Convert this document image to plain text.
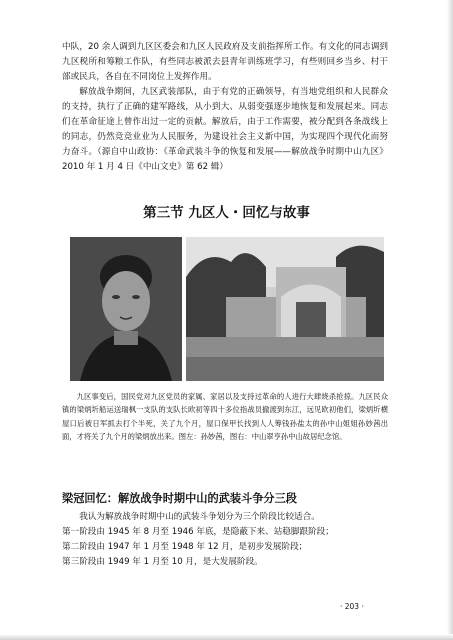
中队，20 余人调到九区区委会和九区人民政府及支前指挥所工作。有文化的同志调到九区税所和筹粮工作队，有些同志被派去县青年训练班学习，有些则回乡当乡、村干部或民兵，各自在不同岗位上发挥作用。

解放战争期间，九区武装部队，由于有党的正确领导，有当地党组织和人民群众的支持，执行了正确的建军路线，从小到大、从弱变强逐步地恢复和发展起来。同志们在革命征途上曾作出过一定的贡献。解放后，由于工作需要，被分配到各条战线上的同志，仍然竞竞业业为人民服务，为建设社会主义新中国，为实现四个现代化而努力奋斗。（源自中山政协：《革命武装斗争的恢复和发展——解放战争时期中山九区》2010 年 1 月 4 日《中山文史》第 62 辑）

第三节 九区人・回忆与故事

九区事变后，国民党对九区党员的家属、家居以及支持过革命的人进行大肆烧杀抢掠。九区民众镇的梁炳圻船运送瑞枫一支队的支队长欧初等四十多位指战员撤渡到东江，远见欧初他们，梁炳圻横屋口后被日军抓去打个半死，关了九个月，屋口保甲长找到人人筹钱孙盐太的孙中山姐姐孙妙茜出面，才将关了九个月的梁炳放出来。图左：孙妙茜，图右：中山翠亨孙中山故居纪念馆。

梁冠回忆：解放战争时期中山的武装斗争分三段

我认为解放战争时期中山的武装斗争划分为三个阶段比较适合。

第一阶段由 1945 年 8 月至 1946 年底，是隐蔽下来、站稳脚跟阶段；

第二阶段由 1947 年 1 月至 1948 年 12 月，是初步发展阶段；

第三阶段由 1949 年 1 月至 10 月，是大发展阶段。

· 203 ·
